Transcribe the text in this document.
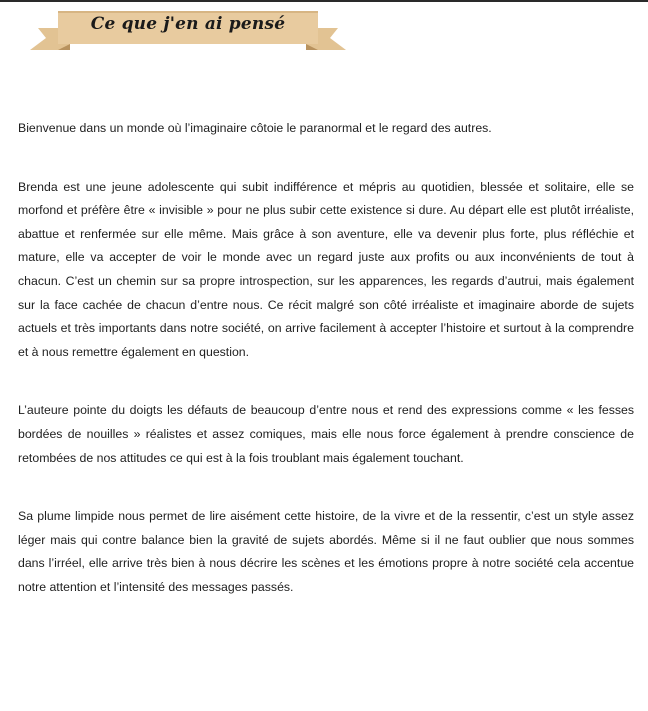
Ce que j'en ai pensé

Bienvenue dans un monde où l’imaginaire côtoie le paranormal et le regard des autres.

Brenda est une jeune adolescente qui subit indifférence et mépris au quotidien, blessée et solitaire, elle se morfond et préfère être « invisible » pour ne plus subir cette existence si dure. Au départ elle est plutôt irréaliste, abattue et renfermée sur elle même. Mais grâce à son aventure, elle va devenir plus forte, plus réfléchie et mature, elle va accepter de voir le monde avec un regard juste aux profits ou aux inconvénients de tout à chacun. C’est un chemin sur sa propre introspection, sur les apparences, les regards d’autrui, mais également sur la face cachée de chacun d’entre nous. Ce récit malgré son côté irréaliste et imaginaire aborde de sujets actuels et très importants dans notre société, on arrive facilement à accepter l’histoire et surtout à la comprendre et à nous remettre également en question.

L’auteure pointe du doigts les défauts de beaucoup d’entre nous et rend des expressions comme « les fesses bordées de nouilles » réalistes et assez comiques, mais elle nous force également à prendre conscience de retombées de nos attitudes ce qui est à la fois troublant mais également touchant.

Sa plume limpide nous permet de lire aisément cette histoire, de la vivre et de la ressentir, c’est un style assez léger mais qui contre balance bien la gravité de sujets abordés. Même si il ne faut oublier que nous sommes dans l’irréel, elle arrive très bien à nous décrire les scènes et les émotions propre à notre société cela accentue notre attention et l’intensité des messages passés.
